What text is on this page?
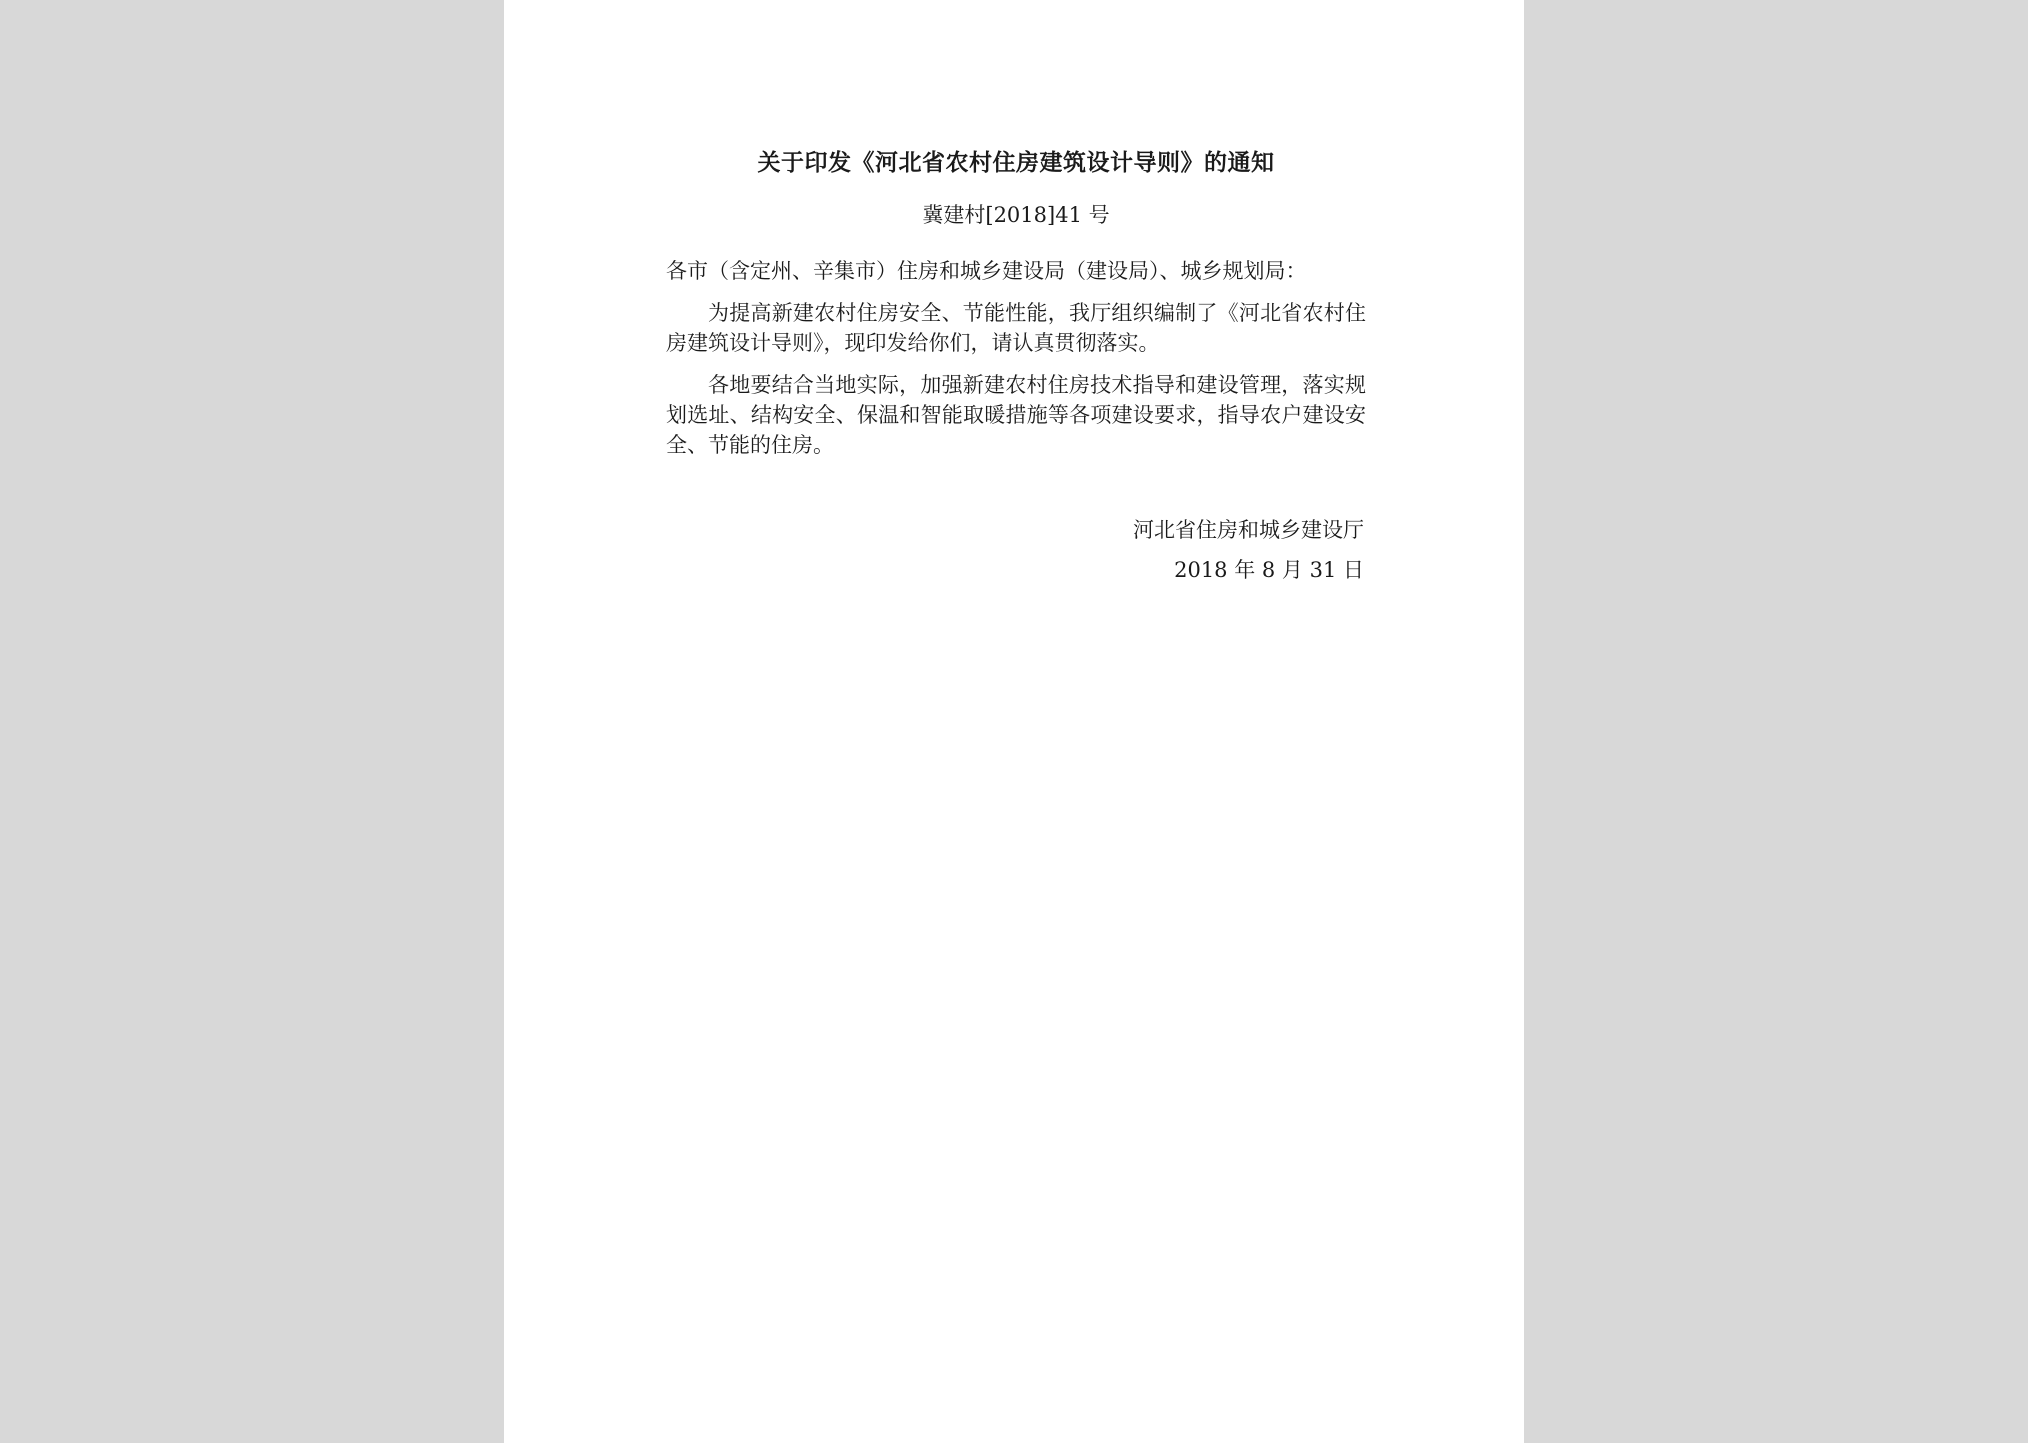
关于印发《河北省农村住房建筑设计导则》的通知
冀建村[2018]41 号
各市（含定州、辛集市）住房和城乡建设局（建设局）、城乡规划局：
为提高新建农村住房安全、节能性能，我厅组织编制了《河北省农村住房建筑设计导则》，现印发给你们，请认真贯彻落实。
各地要结合当地实际，加强新建农村住房技术指导和建设管理，落实规划选址、结构安全、保温和智能取暖措施等各项建设要求，指导农户建设安全、节能的住房。
河北省住房和城乡建设厅
2018 年 8 月 31 日
